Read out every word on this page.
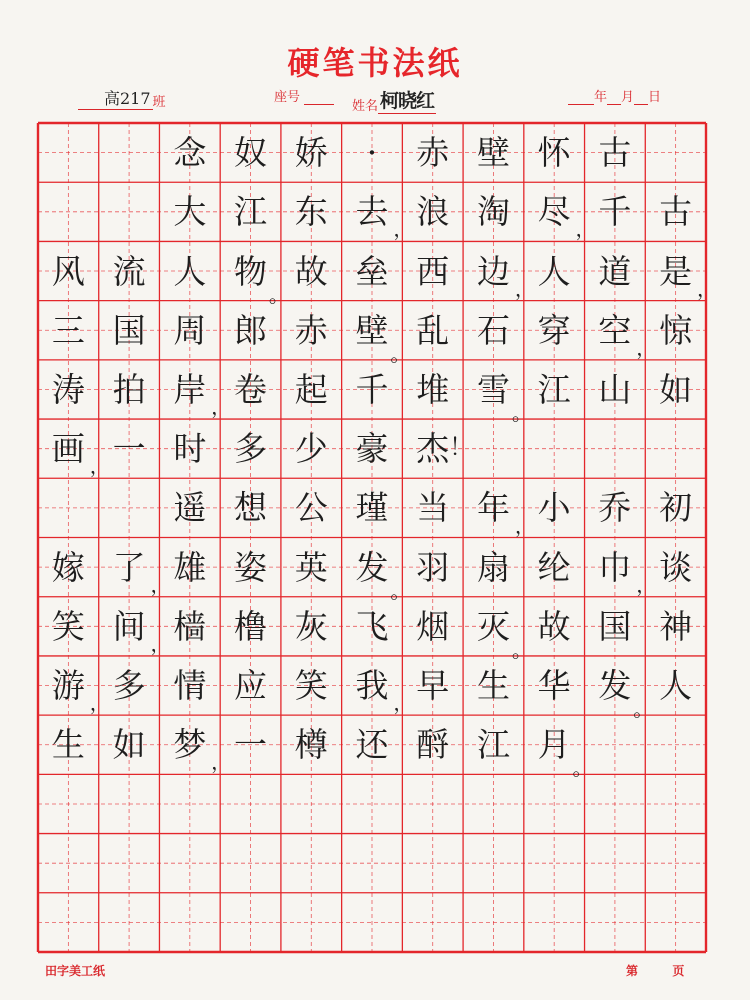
硬笔书法纸
高217 班	座号
姓名 柯晓红	年 月 日
念 奴 娇	·	赤 壁 怀 古
大 江 东 去 ， 浪 淘 尽 ， 千 古
风 流 人 物
。
故 垒 西 边 ， 人 道 是 ，
三 国 周 郎 赤 壁
。
乱 石 穿 空 ， 惊
涛 拍 岸 ， 卷 起 千 堆 雪
。
江 山 如
画 ， 一 时 多 少 豪 杰 ！
遥 想 公 瑾 当 年 ， 小 乔 初
嫁 了 ， 雄 姿 英 发
。
羽 扇 纶 巾 ， 谈
笑 间 ， 樯 橹 灰 飞 烟 灭
。
故 国 神
游 ， 多 情 应 笑 我 ， 早 生 华 发
。
人
生 如 梦 ， 一 樽 还 酹 江 月
。
田字美工纸	第	页
